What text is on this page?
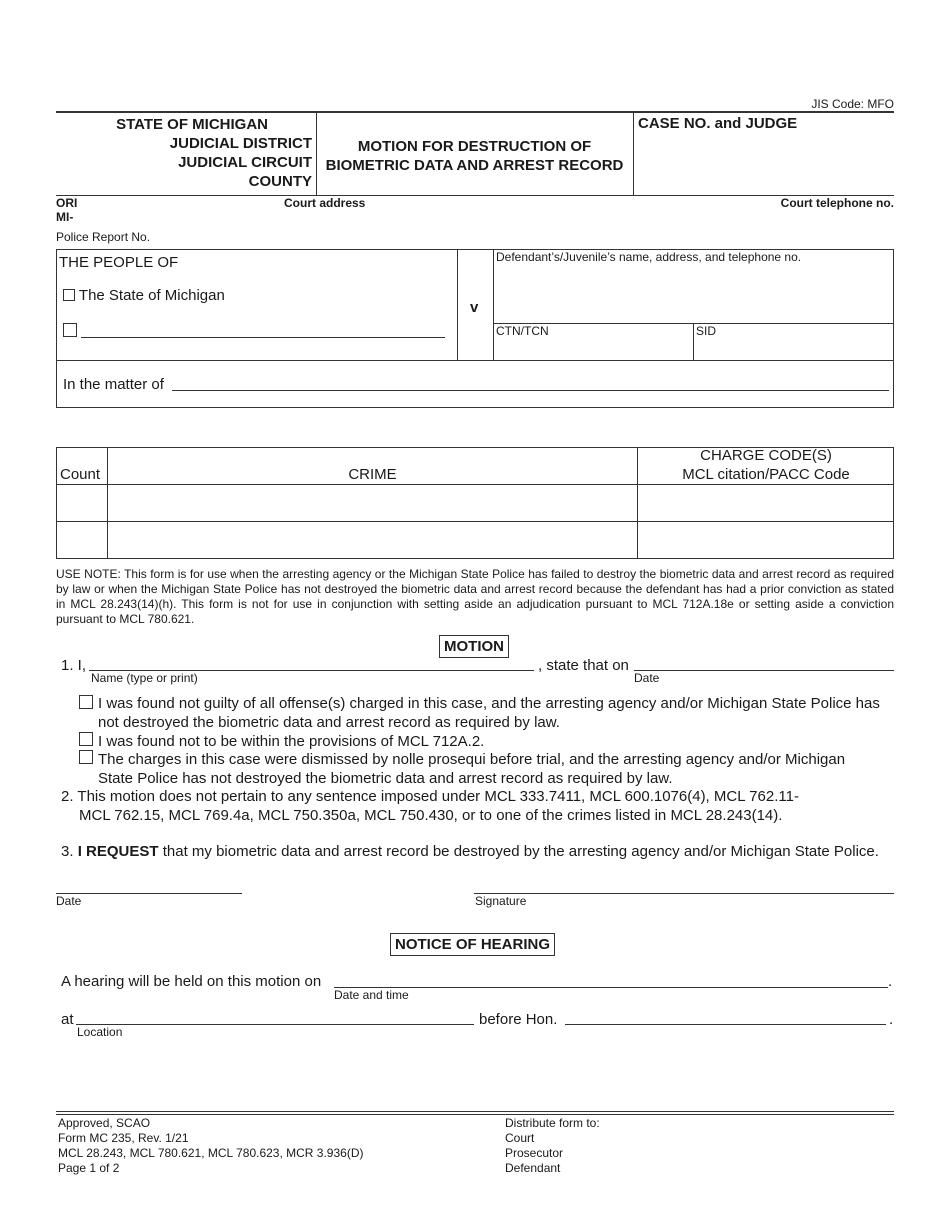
JIS Code: MFO
STATE OF MICHIGAN
JUDICIAL DISTRICT
JUDICIAL CIRCUIT
COUNTY
MOTION FOR DESTRUCTION OF
BIOMETRIC DATA AND ARREST RECORD
CASE NO. and JUDGE
ORI
MI-
Court address	Court telephone no.
Police Report No.
THE PEOPLE OF
The State of Michigan
v
Defendant’s/Juvenile’s name, address, and telephone no.
CTN/TCN	SID
In the matter of
Count	CRIME
CHARGE CODE(S)
MCL citation/PACC Code
USE NOTE: This form is for use when the arresting agency or the Michigan State Police has failed to destroy the biometric data and arrest record as required by law or when the Michigan State Police has not destroyed the biometric data and arrest record because the defendant has had a prior conviction as stated in MCL 28.243(14)(h). This form is not for use in conjunction with setting aside an adjudication pursuant to MCL 712A.18e or setting aside a conviction pursuant to MCL 780.621.
MOTION
1. I,	, state that on
Name (type or print)	Date
I was found not guilty of all offense(s) charged in this case, and the arresting agency and/or Michigan State Police has
not destroyed the biometric data and arrest record as required by law.
I was found not to be within the provisions of MCL 712A.2.
The charges in this case were dismissed by nolle prosequi before trial, and the arresting agency and/or Michigan
State Police has not destroyed the biometric data and arrest record as required by law.
2. This motion does not pertain to any sentence imposed under MCL 333.7411, MCL 600.1076(4), MCL 762.11-
MCL 762.15, MCL 769.4a, MCL 750.350a, MCL 750.430, or to one of the crimes listed in MCL 28.243(14).
3. I REQUEST that my biometric data and arrest record be destroyed by the arresting agency and/or Michigan State Police.
Date	Signature
NOTICE OF HEARING
A hearing will be held on this motion on	.
Date and time
at
Location
before Hon.	.
Approved, SCAO
Form MC 235, Rev. 1/21
MCL 28.243, MCL 780.621, MCL 780.623, MCR 3.936(D)
Page 1 of 2
Distribute form to:
Court
Prosecutor
Defendant
